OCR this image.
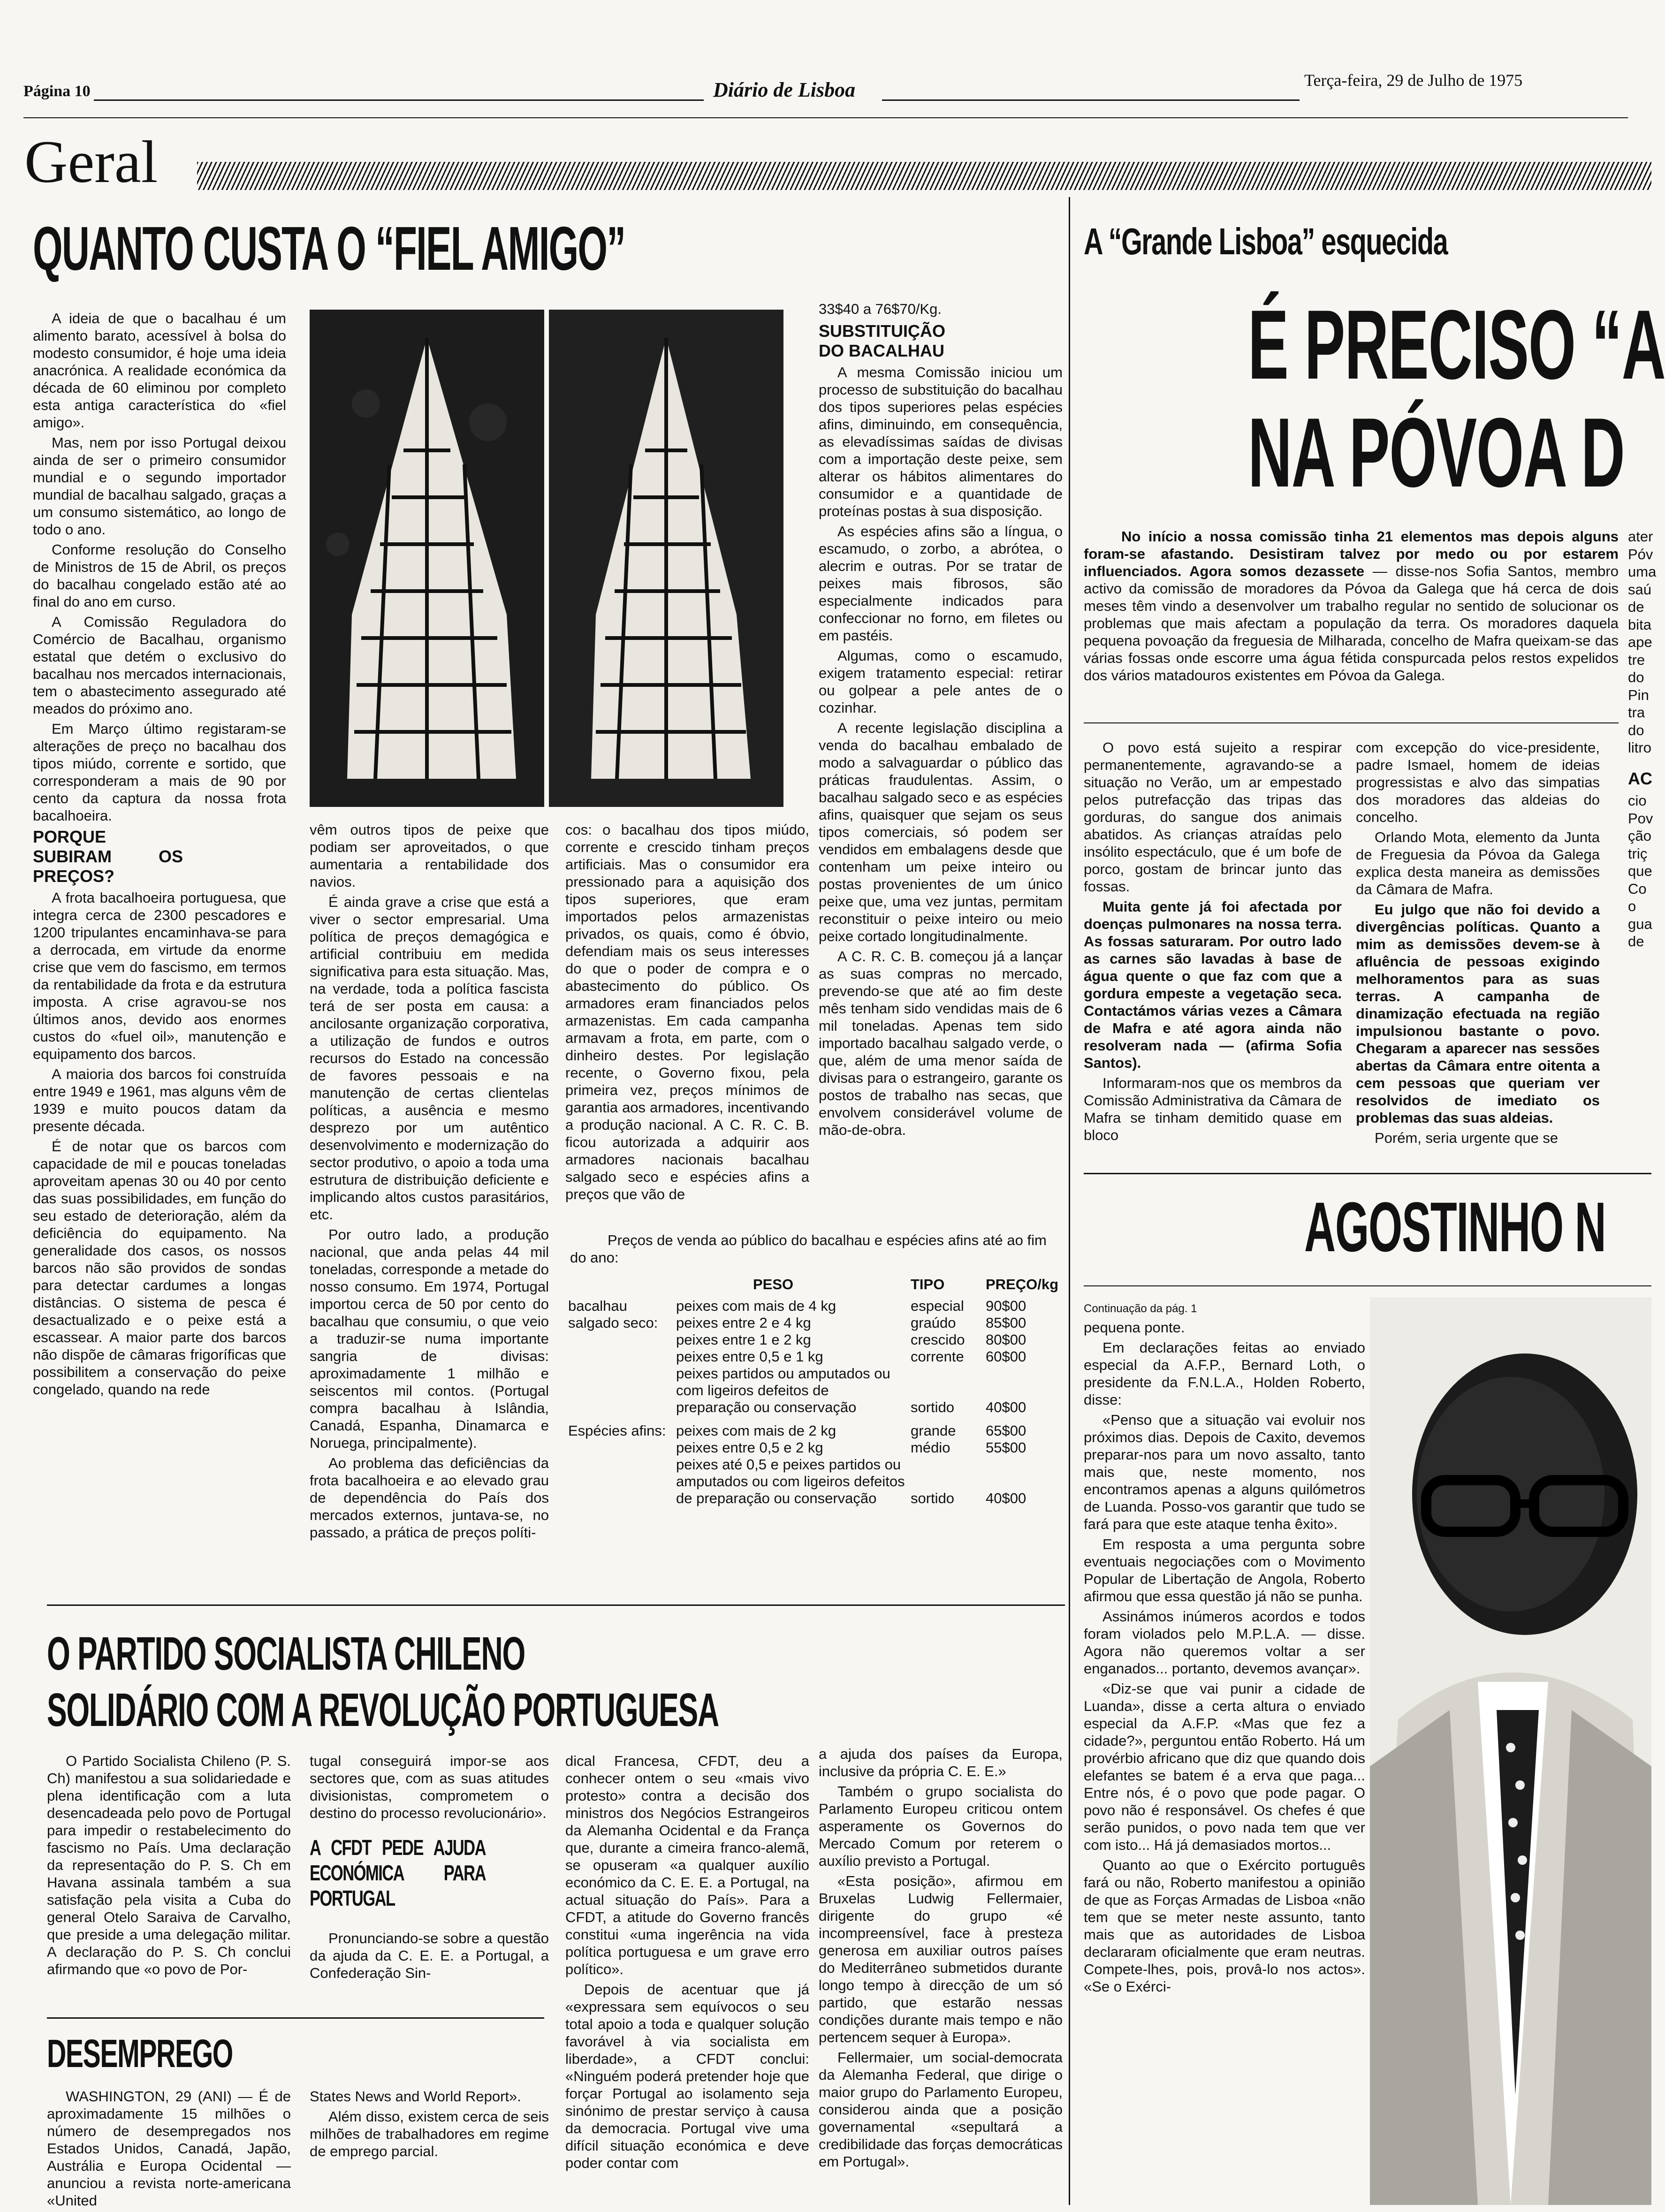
Página 10	Diário de Lisboa	Terça-feira, 29 de Julho de 1975
Geral
QUANTO CUSTA O “FIEL AMIGO”

A ideia de que o bacalhau é um alimento barato, acessível à bolsa do modesto consumidor, é hoje uma ideia anacrónica. A realidade económica da década de 60 eliminou por completo esta antiga característica do «fiel amigo».

Mas, nem por isso Portugal deixou ainda de ser o primeiro consumidor mundial e o segundo importador mundial de bacalhau salgado, graças a um consumo sistemático, ao longo de todo o ano.

Conforme resolução do Conselho de Ministros de 15 de Abril, os preços do bacalhau congelado estão até ao final do ano em curso.

A Comissão Reguladora do Comércio de Bacalhau, organismo estatal que detém o exclusivo do bacalhau nos mercados internacionais, tem o abastecimento assegurado até meados do próximo ano.

Em Março último registaram-se alterações de preço no bacalhau dos tipos miúdo, corrente e sortido, que corresponderam a mais de 90 por cento da captura da nossa frota bacalhoeira.

PORQUE SUBIRAM OS PREÇOS?

A frota bacalhoeira portuguesa, que integra cerca de 2300 pescadores e 1200 tripulantes encaminhava-se para a derrocada, em virtude da enorme crise que vem do fascismo, em termos da rentabilidade da frota e da estrutura imposta. A crise agravou-se nos últimos anos, devido aos enormes custos do «fuel oil», manutenção e equipamento dos barcos.

A maioria dos barcos foi construída entre 1949 e 1961, mas alguns vêm de 1939 e muito poucos datam da presente década.

É de notar que os barcos com capacidade de mil e poucas toneladas aproveitam apenas 30 ou 40 por cento das suas possibilidades, em função do seu estado de deterioração, além da deficiência do equipamento. Na generalidade dos casos, os nossos barcos não são providos de sondas para detectar cardumes a longas distâncias. O sistema de pesca é desactualizado e o peixe está a escassear. A maior parte dos barcos não dispõe de câmaras frigoríficas que possibilitem a conservação do peixe congelado, quando na rede

vêm outros tipos de peixe que podiam ser aproveitados, o que aumentaria a rentabilidade dos navios.

É ainda grave a crise que está a viver o sector empresarial. Uma política de preços demagógica e artificial contribuiu em medida significativa para esta situação. Mas, na verdade, toda a política fascista terá de ser posta em causa: a ancilosante organização corporativa, a utilização de fundos e outros recursos do Estado na concessão de favores pessoais e na manutenção de certas clientelas políticas, a ausência e mesmo desprezo por um autêntico desenvolvimento e modernização do sector produtivo, o apoio a toda uma estrutura de distribuição deficiente e implicando altos custos parasitários, etc.

Por outro lado, a produção nacional, que anda pelas 44 mil toneladas, corresponde a metade do nosso consumo. Em 1974, Portugal importou cerca de 50 por cento do bacalhau que consumiu, o que veio a traduzir-se numa importante sangria de divisas: aproximadamente 1 milhão e seiscentos mil contos. (Portugal compra bacalhau à Islândia, Canadá, Espanha, Dinamarca e Noruega, principalmente).

Ao problema das deficiências da frota bacalhoeira e ao elevado grau de dependência do País dos mercados externos, juntava-se, no passado, a prática de preços políti-

cos: o bacalhau dos tipos miúdo, corrente e crescido tinham preços artificiais. Mas o consumidor era pressionado para a aquisição dos tipos superiores, que eram importados pelos armazenistas privados, os quais, como é óbvio, defendiam mais os seus interesses do que o poder de compra e o abastecimento do público. Os armadores eram financiados pelos armazenistas. Em cada campanha armavam a frota, em parte, com o dinheiro destes. Por legislação recente, o Governo fixou, pela primeira vez, preços mínimos de garantia aos armadores, incentivando a produção nacional. A C. R. C. B. ficou autorizada a adquirir aos armadores nacionais bacalhau salgado seco e espécies afins a preços que vão de

33$40 a 76$70/Kg.

SUBSTITUIÇÃO DO BACALHAU

A mesma Comissão iniciou um processo de substituição do bacalhau dos tipos superiores pelas espécies afins, diminuindo, em consequência, as elevadíssimas saídas de divisas com a importação deste peixe, sem alterar os hábitos alimentares do consumidor e a quantidade de proteínas postas à sua disposição.

As espécies afins são a língua, o escamudo, o zorbo, a abrótea, o alecrim e outras. Por se tratar de peixes mais fibrosos, são especialmente indicados para confeccionar no forno, em filetes ou em pastéis.

Algumas, como o escamudo, exigem tratamento especial: retirar ou golpear a pele antes de o cozinhar.

A recente legislação disciplina a venda do bacalhau embalado de modo a salvaguardar o público das práticas fraudulentas. Assim, o bacalhau salgado seco e as espécies afins, quaisquer que sejam os seus tipos comerciais, só podem ser vendidos em embalagens desde que contenham um peixe inteiro ou postas provenientes de um único peixe que, uma vez juntas, permitam reconstituir o peixe inteiro ou meio peixe cortado longitudinalmente.

A C. R. C. B. começou já a lançar as suas compras no mercado, prevendo-se que até ao fim deste mês tenham sido vendidas mais de 6 mil toneladas. Apenas tem sido importado bacalhau salgado verde, o que, além de uma menor saída de divisas para o estrangeiro, garante os postos de trabalho nas secas, que envolvem considerável volume de mão-de-obra.

Preços de venda ao público do bacalhau e espécies afins até ao fim do ano:
	PESO	TIPO	PREÇO/kg
bacalhau salgado seco:	peixes com mais de 4 kg	especial	90$00
	peixes entre 2 e 4 kg	graúdo	85$00
	peixes entre 1 e 2 kg	crescido	80$00
	peixes entre 0,5 e 1 kg	corrente	60$00
	peixes partidos ou amputados ou com ligeiros defeitos de preparação ou conservação	sortido	40$00
Espécies afins:	peixes com mais de 2 kg	grande	65$00
	peixes entre 0,5 e 2 kg	médio	55$00
	peixes até 0,5 e peixes partidos ou amputados ou com ligeiros defeitos de preparação ou conservação	sortido	40$00
A “Grande Lisboa” esquecida
É PRECISO “A
NA PÓVOA D

No início a nossa comissão tinha 21 elementos mas depois alguns foram-se afastando. Desistiram talvez por medo ou por estarem influenciados. Agora somos dezassete — disse-nos Sofia Santos, membro activo da comissão de moradores da Póvoa da Galega que há cerca de dois meses têm vindo a desenvolver um trabalho regular no sentido de solucionar os problemas que mais afectam a população da terra. Os moradores daquela pequena povoação da freguesia de Milharada, concelho de Mafra queixam-se das várias fossas onde escorre uma água fétida conspurcada pelos restos expelidos dos vários matadouros existentes em Póvoa da Galega.

O povo está sujeito a respirar permanentemente, agravando-se a situação no Verão, um ar empestado pelos putrefacção das tripas das gorduras, do sangue dos animais abatidos. As crianças atraídas pelo insólito espectáculo, que é um bofe de porco, gostam de brincar junto das fossas.

Muita gente já foi afectada por doenças pulmonares na nossa terra. As fossas saturaram. Por outro lado as carnes são lavadas à base de água quente o que faz com que a gordura empeste a vegetação seca. Contactámos várias vezes a Câmara de Mafra e até agora ainda não resolveram nada — (afirma Sofia Santos).

Informaram-nos que os membros da Comissão Administrativa da Câmara de Mafra se tinham demitido quase em bloco

com excepção do vice-presidente, padre Ismael, homem de ideias progressistas e alvo das simpatias dos moradores das aldeias do concelho.

Orlando Mota, elemento da Junta de Freguesia da Póvoa da Galega explica desta maneira as demissões da Câmara de Mafra.

Eu julgo que não foi devido a divergências políticas. Quanto a mim as demissões devem-se à afluência de pessoas exigindo melhoramentos para as suas terras. A campanha de dinamização efectuada na região impulsionou bastante o povo. Chegaram a aparecer nas sessões abertas da Câmara entre oitenta a cem pessoas que queriam ver resolvidos de imediato os problemas das suas aldeias.

Porém, seria urgente que se

ater
Póv
uma
saú
de
bita
ape
tre
do
Pin
tra
do
litro
AC
cio
Pov
ção
triç
que
Co
o
gua
de
AGOSTINHO N

Continuação da pág. 1

pequena ponte.

Em declarações feitas ao enviado especial da A.F.P., Bernard Loth, o presidente da F.N.L.A., Holden Roberto, disse:

«Penso que a situação vai evoluir nos próximos dias. Depois de Caxito, devemos preparar-nos para um novo assalto, tanto mais que, neste momento, nos encontramos apenas a alguns quilómetros de Luanda. Posso-vos garantir que tudo se fará para que este ataque tenha êxito».

Em resposta a uma pergunta sobre eventuais negociações com o Movimento Popular de Libertação de Angola, Roberto afirmou que essa questão já não se punha.

Assinámos inúmeros acordos e todos foram violados pelo M.P.L.A. — disse. Agora não queremos voltar a ser enganados... portanto, devemos avançar».

«Diz-se que vai punir a cidade de Luanda», disse a certa altura o enviado especial da A.F.P. «Mas que fez a cidade?», perguntou então Roberto. Há um provérbio africano que diz que quando dois elefantes se batem é a erva que paga... Entre nós, é o povo que pode pagar. O povo não é responsável. Os chefes é que serão punidos, o povo nada tem que ver com isto... Há já demasiados mortos...

Quanto ao que o Exército português fará ou não, Roberto manifestou a opinião de que as Forças Armadas de Lisboa «não tem que se meter neste assunto, tanto mais que as autoridades de Lisboa declararam oficialmente que eram neutras. Compete-lhes, pois, provâ-lo nos actos». «Se o Exérci-

O PARTIDO SOCIALISTA CHILENO
SOLIDÁRIO COM A REVOLUÇÃO PORTUGUESA

O Partido Socialista Chileno (P. S. Ch) manifestou a sua solidariedade e plena identificação com a luta desencadeada pelo povo de Portugal para impedir o restabelecimento do fascismo no País. Uma declaração da representação do P. S. Ch em Havana assinala também a sua satisfação pela visita a Cuba do general Otelo Saraiva de Carvalho, que preside a uma delegação militar. A declaração do P. S. Ch conclui afirmando que «o povo de Por-

tugal conseguirá impor-se aos sectores que, com as suas atitudes divisionistas, comprometem o destino do processo revolucionário».

A CFDT PEDE AJUDA ECONÓMICA PARA PORTUGAL

Pronunciando-se sobre a questão da ajuda da C. E. E. a Portugal, a Confederação Sin-

dical Francesa, CFDT, deu a conhecer ontem o seu «mais vivo protesto» contra a decisão dos ministros dos Negócios Estrangeiros da Alemanha Ocidental e da França que, durante a cimeira franco-alemã, se opuseram «a qualquer auxílio económico da C. E. E. a Portugal, na actual situação do País». Para a CFDT, a atitude do Governo francês constitui «uma ingerência na vida política portuguesa e um grave erro político».

Depois de acentuar que já «expressara sem equívocos o seu total apoio a toda e qualquer solução favorável à via socialista em liberdade», a CFDT conclui: «Ninguém poderá pretender hoje que forçar Portugal ao isolamento seja sinónimo de prestar serviço à causa da democracia. Portugal vive uma difícil situação económica e deve poder contar com

a ajuda dos países da Europa, inclusive da própria C. E. E.»

Também o grupo socialista do Parlamento Europeu criticou ontem asperamente os Governos do Mercado Comum por reterem o auxílio previsto a Portugal.

«Esta posição», afirmou em Bruxelas Ludwig Fellermaier, dirigente do grupo «é incompreensível, face à presteza generosa em auxiliar outros países do Mediterrâneo submetidos durante longo tempo à direcção de um só partido, que estarão nessas condições durante mais tempo e não pertencem sequer à Europa».

Fellermaier, um social-democrata da Alemanha Federal, que dirige o maior grupo do Parlamento Europeu, considerou ainda que a posição governamental «sepultará a credibilidade das forças democráticas em Portugal».

DESEMPREGO

WASHINGTON, 29 (ANI) — É de aproximadamente 15 milhões o número de desempregados nos Estados Unidos, Canadá, Japão, Austrália e Europa Ocidental — anunciou a revista norte-americana «United

States News and World Report».

Além disso, existem cerca de seis milhões de trabalhadores em regime de emprego parcial.
